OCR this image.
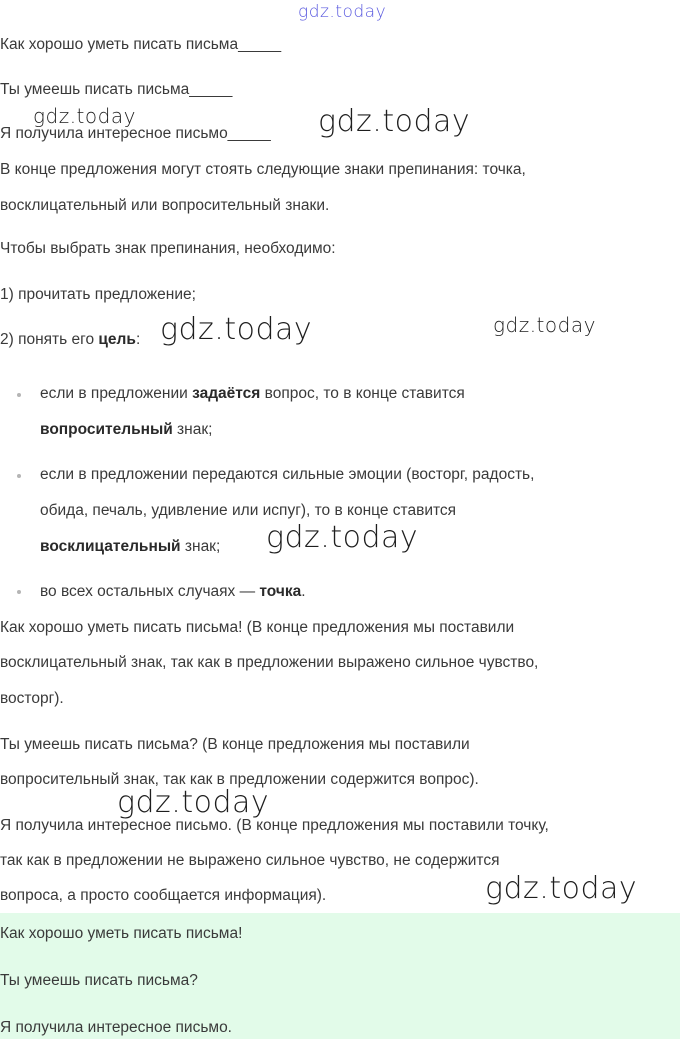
gdz.today
Как хорошо уметь писать письма_____
Ты умеешь писать письма_____
gdz.today
Я получила интересное письмо_____ gdz.today
В конце предложения могут стоять следующие знаки препинания: точка,
восклицательный или вопросительный знаки.
Чтобы выбрать знак препинания, необходимо:
1) прочитать предложение;
2) понять его цель: gdz.today	gdz.today
если в предложении задаётся вопрос, то в конце ставится
вопросительный знак;
если в предложении передаются сильные эмоции (восторг, радость,
обида, печаль, удивление или испуг), то в конце ставится
восклицательный знак; gdz.today
во всех остальных случаях — точка.
Как хорошо уметь писать письма! (В конце предложения мы поставили
восклицательный знак, так как в предложении выражено сильное чувство,
восторг).
Ты умеешь писать письма? (В конце предложения мы поставили
вопросительный знак, так как в предложении содержится вопрос).
gdz.today
Я получила интересное письмо. (В конце предложения мы поставили точку,
так как в предложении не выражено сильное чувство, не содержится
вопроса, а просто сообщается информация).	gdz.today
Как хорошо уметь писать письма!
Ты умеешь писать письма?
Я получила интересное письмо.
